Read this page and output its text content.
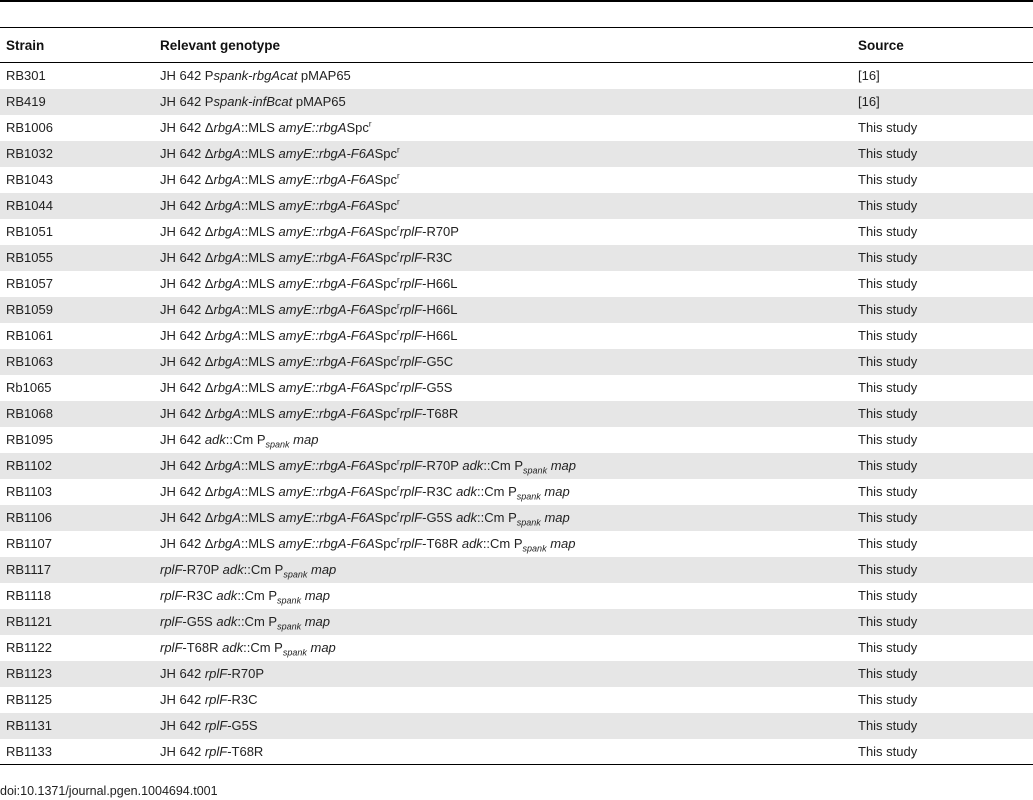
Strain	Relevant genotype	Source
RB301	JH 642 Pspank-rbgAcat pMAP65	[16]
RB419	JH 642 Pspank-infBcat pMAP65	[16]
RB1006	JH 642 ΔrbgA::MLS amyE::rbgASpc$^r$	This study
RB1032	JH 642 ΔrbgA::MLS amyE::rbgA-F6ASpc$^r$	This study
RB1043	JH 642 ΔrbgA::MLS amyE::rbgA-F6ASpc$^r$	This study
RB1044	JH 642 ΔrbgA::MLS amyE::rbgA-F6ASpc$^r$	This study
RB1051	JH 642 ΔrbgA::MLS amyE::rbgA-F6ASpc$^r$rplF-R70P	This study
RB1055	JH 642 ΔrbgA::MLS amyE::rbgA-F6ASpc$^r$rplF-R3C	This study
RB1057	JH 642 ΔrbgA::MLS amyE::rbgA-F6ASpc$^r$rplF-H66L	This study
RB1059	JH 642 ΔrbgA::MLS amyE::rbgA-F6ASpc$^r$rplF-H66L	This study
RB1061	JH 642 ΔrbgA::MLS amyE::rbgA-F6ASpc$^r$rplF-H66L	This study
RB1063	JH 642 ΔrbgA::MLS amyE::rbgA-F6ASpc$^r$rplF-G5C	This study
Rb1065	JH 642 ΔrbgA::MLS amyE::rbgA-F6ASpc$^r$rplF-G5S	This study
RB1068	JH 642 ΔrbgA::MLS amyE::rbgA-F6ASpc$^r$rplF-T68R	This study
RB1095	JH 642 adk::Cm $P_{spank}$ map	This study
RB1102	JH 642 ΔrbgA::MLS amyE::rbgA-F6ASpc$^r$rplF-R70P adk::Cm $P_{spank}$ map	This study
RB1103	JH 642 ΔrbgA::MLS amyE::rbgA-F6ASpc$^r$rplF-R3C adk::Cm $P_{spank}$ map	This study
RB1106	JH 642 ΔrbgA::MLS amyE::rbgA-F6ASpc$^r$rplF-G5S adk::Cm $P_{spank}$ map	This study
RB1107	JH 642 ΔrbgA::MLS amyE::rbgA-F6ASpc$^r$rplF-T68R adk::Cm $P_{spank}$ map	This study
RB1117	rplF-R70P adk::Cm $P_{spank}$ map	This study
RB1118	rplF-R3C adk::Cm $P_{spank}$ map	This study
RB1121	rplF-G5S adk::Cm $P_{spank}$ map	This study
RB1122	rplF-T68R adk::Cm $P_{spank}$ map	This study
RB1123	JH 642 rplF-R70P	This study
RB1125	JH 642 rplF-R3C	This study
RB1131	JH 642 rplF-G5S	This study
RB1133	JH 642 rplF-T68R	This study
doi:10.1371/journal.pgen.1004694.t001
